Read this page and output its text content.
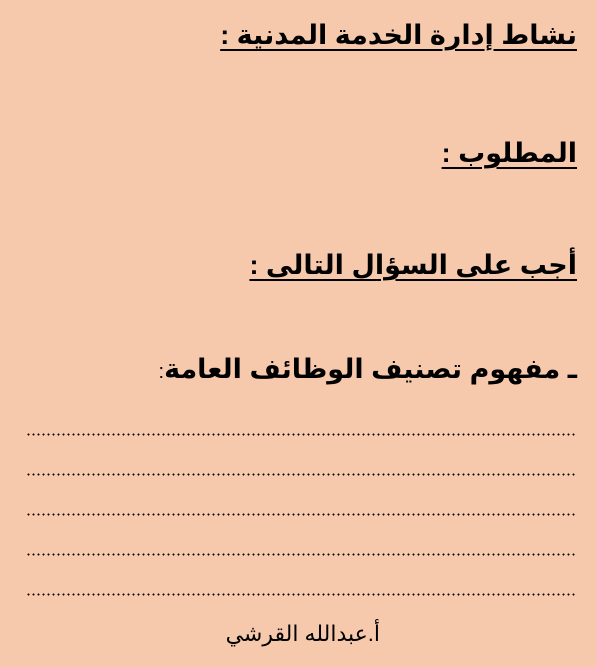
نشاط إدارة الخدمة المدنية :
المطلوب :
أجب على السؤال التالى :
ـ مفهوم تصنيف الوظائف العامة:
أ.عبدالله القرشي
